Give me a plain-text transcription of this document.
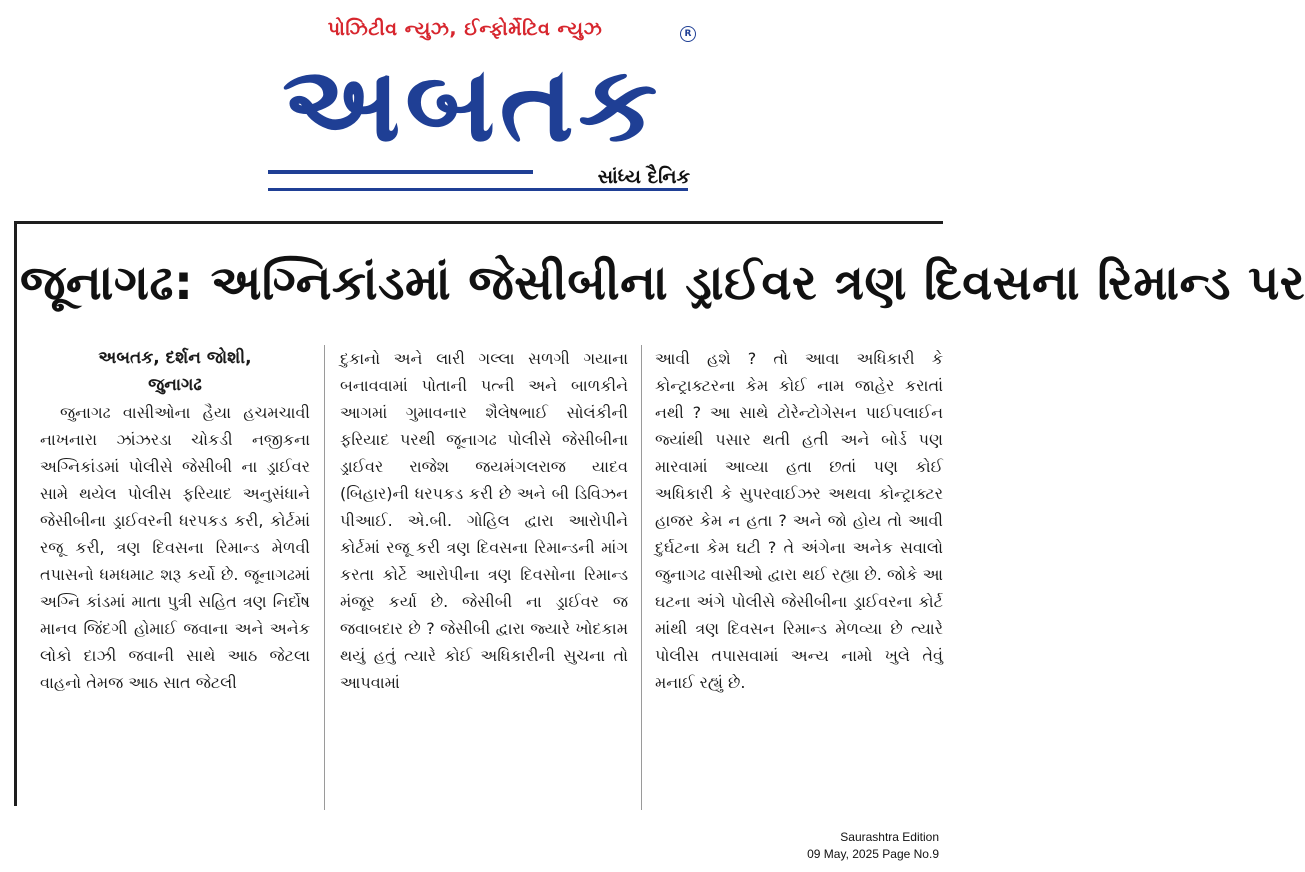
પોઝિટીવ ન્યુઝ, ઈન્ફોર્મેટિવ ન્યુઝ	R
અબતક
સાંધ્ય દૈનિક
જૂનાગઢ: અગ્નિકાંડમાં જેસીબીના ડ્રાઈવર ત્રણ દિવસના રિમાન્ડ પર
અબતક, દર્શન જોશી,
જુનાગઢ

જુનાગઢ વાસીઓના હૈયા હચમચાવી નાખનારા ઝાંઝરડા ચોકડી નજીકના અગ્નિકાંડમાં પોલીસે જેસીબી ના ડ્રાઈવર સામે થયેલ પોલીસ ફરિયાદ અનુસંધાને જેસીબીના ડ્રાઈવરની ધરપકડ કરી, કોર્ટમાં રજૂ કરી, ત્રણ દિવસના રિમાન્ડ મેળવી તપાસનો ધમધમાટ શરૂ કર્યો છે. જૂનાગઢમાં અગ્નિ કાંડમાં માતા પુત્રી સહિત ત્રણ નિર્દોષ માનવ જિંદગી હોમાઈ જવાના અને અનેક લોકો દાઝી જવાની સાથે આઠ જેટલા વાહનો તેમજ આઠ સાત જેટલી

દુકાનો અને લારી ગલ્લા સળગી ગયાના બનાવવામાં પોતાની પત્ની અને બાળકીને આગમાં ગુમાવનાર શૈલેષભાઈ સોલંકીની ફરિયાદ પરથી જૂનાગઢ પોલીસે જેસીબીના ડ્રાઈવર રાજેશ જયમંગલરાજ યાદવ (બિહાર)ની ધરપકડ કરી છે અને બી ડિવિઝન પીઆઈ. એ.બી. ગોહિલ દ્વારા આરોપીને કોર્ટમાં રજૂ કરી ત્રણ દિવસના રિમાન્ડની માંગ કરતા કોર્ટે આરોપીના ત્રણ દિવસોના રિમાન્ડ મંજૂર કર્યા છે. જેસીબી ના ડ્રાઈવર જ જવાબદાર છે ? જેસીબી દ્વારા જ્યારે ખોદકામ થયું હતું ત્યારે કોઈ અધિકારીની સુચના તો આપવામાં

આવી હશે ? તો આવા અધિકારી કે કોન્ટ્રાક્ટરના કેમ કોઈ નામ જાહેર કરાતાં નથી ? આ સાથે ટોરેન્ટોગેસન પાઈપલાઈન જ્યાંથી પસાર થતી હતી અને બોર્ડ પણ મારવામાં આવ્યા હતા છતાં પણ કોઈ અધિકારી કે સુપરવાઈઝર અથવા કોન્ટ્રાક્ટર હાજર કેમ ન હતા ? અને જો હોય તો આવી દુર્ઘટના કેમ ઘટી ? તે અંગેના અનેક સવાલો જુનાગઢ વાસીઓ દ્વારા થઈ રહ્યા છે. જોકે આ ઘટના અંગે પોલીસે જેસીબીના ડ્રાઈવરના કોર્ટ માંથી ત્રણ દિવસન રિમાન્ડ મેળવ્યા છે ત્યારે પોલીસ તપાસવામાં અન્ય નામો ખુલે તેવું મનાઈ રહ્યું છે.

Saurashtra Edition
09 May, 2025 Page No.9
